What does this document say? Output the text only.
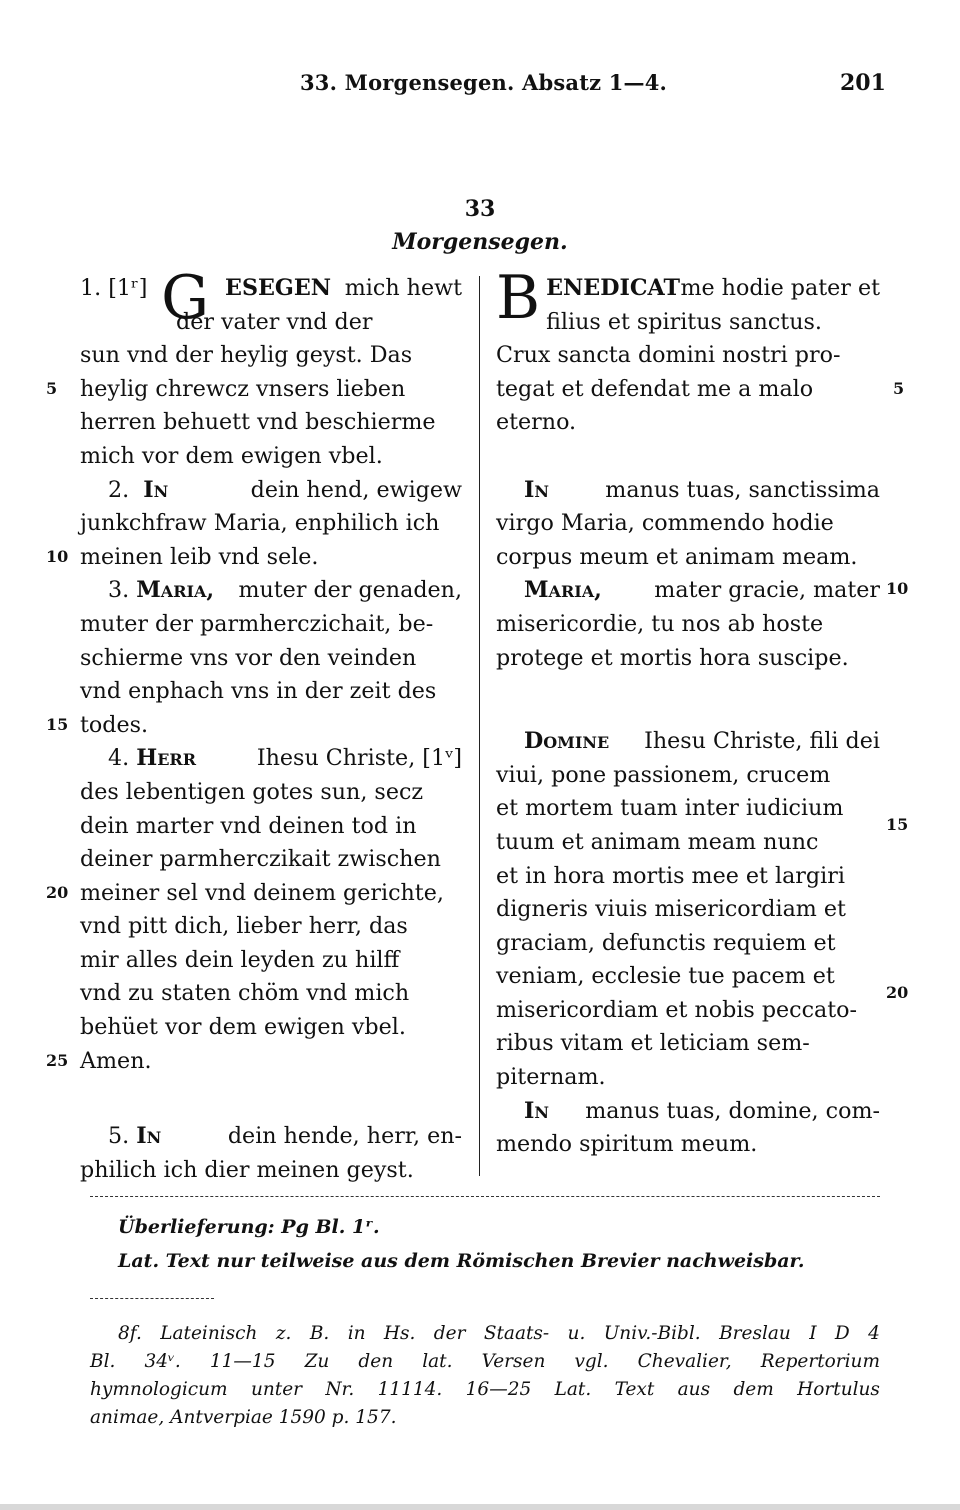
33. Morgensegen. Absatz 1—4.	201
33
Morgensegen.
1. [1ʳ] G ESEGEN mich hewt
der vater vnd der
sun vnd der heylig geyst. Das
heylig chrewcz vnsers lieben
herren behuett vnd beschierme
mich vor dem ewigen vbel.
2. In	dein hend, ewigew
junkchfraw Maria, enphilich ich
meinen leib vnd sele.
3. Maria, muter der genaden,
muter der parmherczichait, be-
schierme vns vor den veinden
vnd enphach vns in der zeit des
todes.
4. Herr	Ihesu Christe, [1ᵛ]
des lebentigen gotes sun, secz
dein marter vnd deinen tod in
deiner parmherczikait zwischen
meiner sel vnd deinem gerichte,
vnd pitt dich, lieber herr, das
mir alles dein leyden zu hilff
vnd zu staten chöm vnd mich
behüet vor dem ewigen vbel.
Amen.
5. In	dein hende, herr, en-
philich ich dier meinen geyst.
5
10
15
20
25
B ENEDICAT me hodie pater et
filius et spiritus sanctus.
Crux sancta domini nostri pro-
tegat et defendat me a malo
eterno.
In	manus tuas, sanctissima
virgo Maria, commendo hodie
corpus meum et animam meam.
Maria, mater gracie, mater
misericordie, tu nos ab hoste
protege et mortis hora suscipe.
Domine Ihesu Christe, fili dei
viui, pone passionem, crucem
et mortem tuam inter iudicium
tuum et animam meam nunc
et in hora mortis mee et largiri
digneris viuis misericordiam et
graciam, defunctis requiem et
veniam, ecclesie tue pacem et
misericordiam et nobis peccato-
ribus vitam et leticiam sem-
piternam.
In manus tuas, domine, com-
mendo spiritum meum.
5
10
15
20
Überlieferung: Pg Bl. 1ʳ.
Lat. Text nur teilweise aus dem Römischen Brevier nachweisbar.
8f. Lateinisch z. B. in Hs. der Staats- u. Univ.-Bibl. Breslau I D 4
Bl. 34ᵛ. 11—15 Zu den lat. Versen vgl. Chevalier, Repertorium
hymnologicum unter Nr. 11114. 16—25 Lat. Text aus dem Hortulus
animae, Antverpiae 1590 p. 157.
